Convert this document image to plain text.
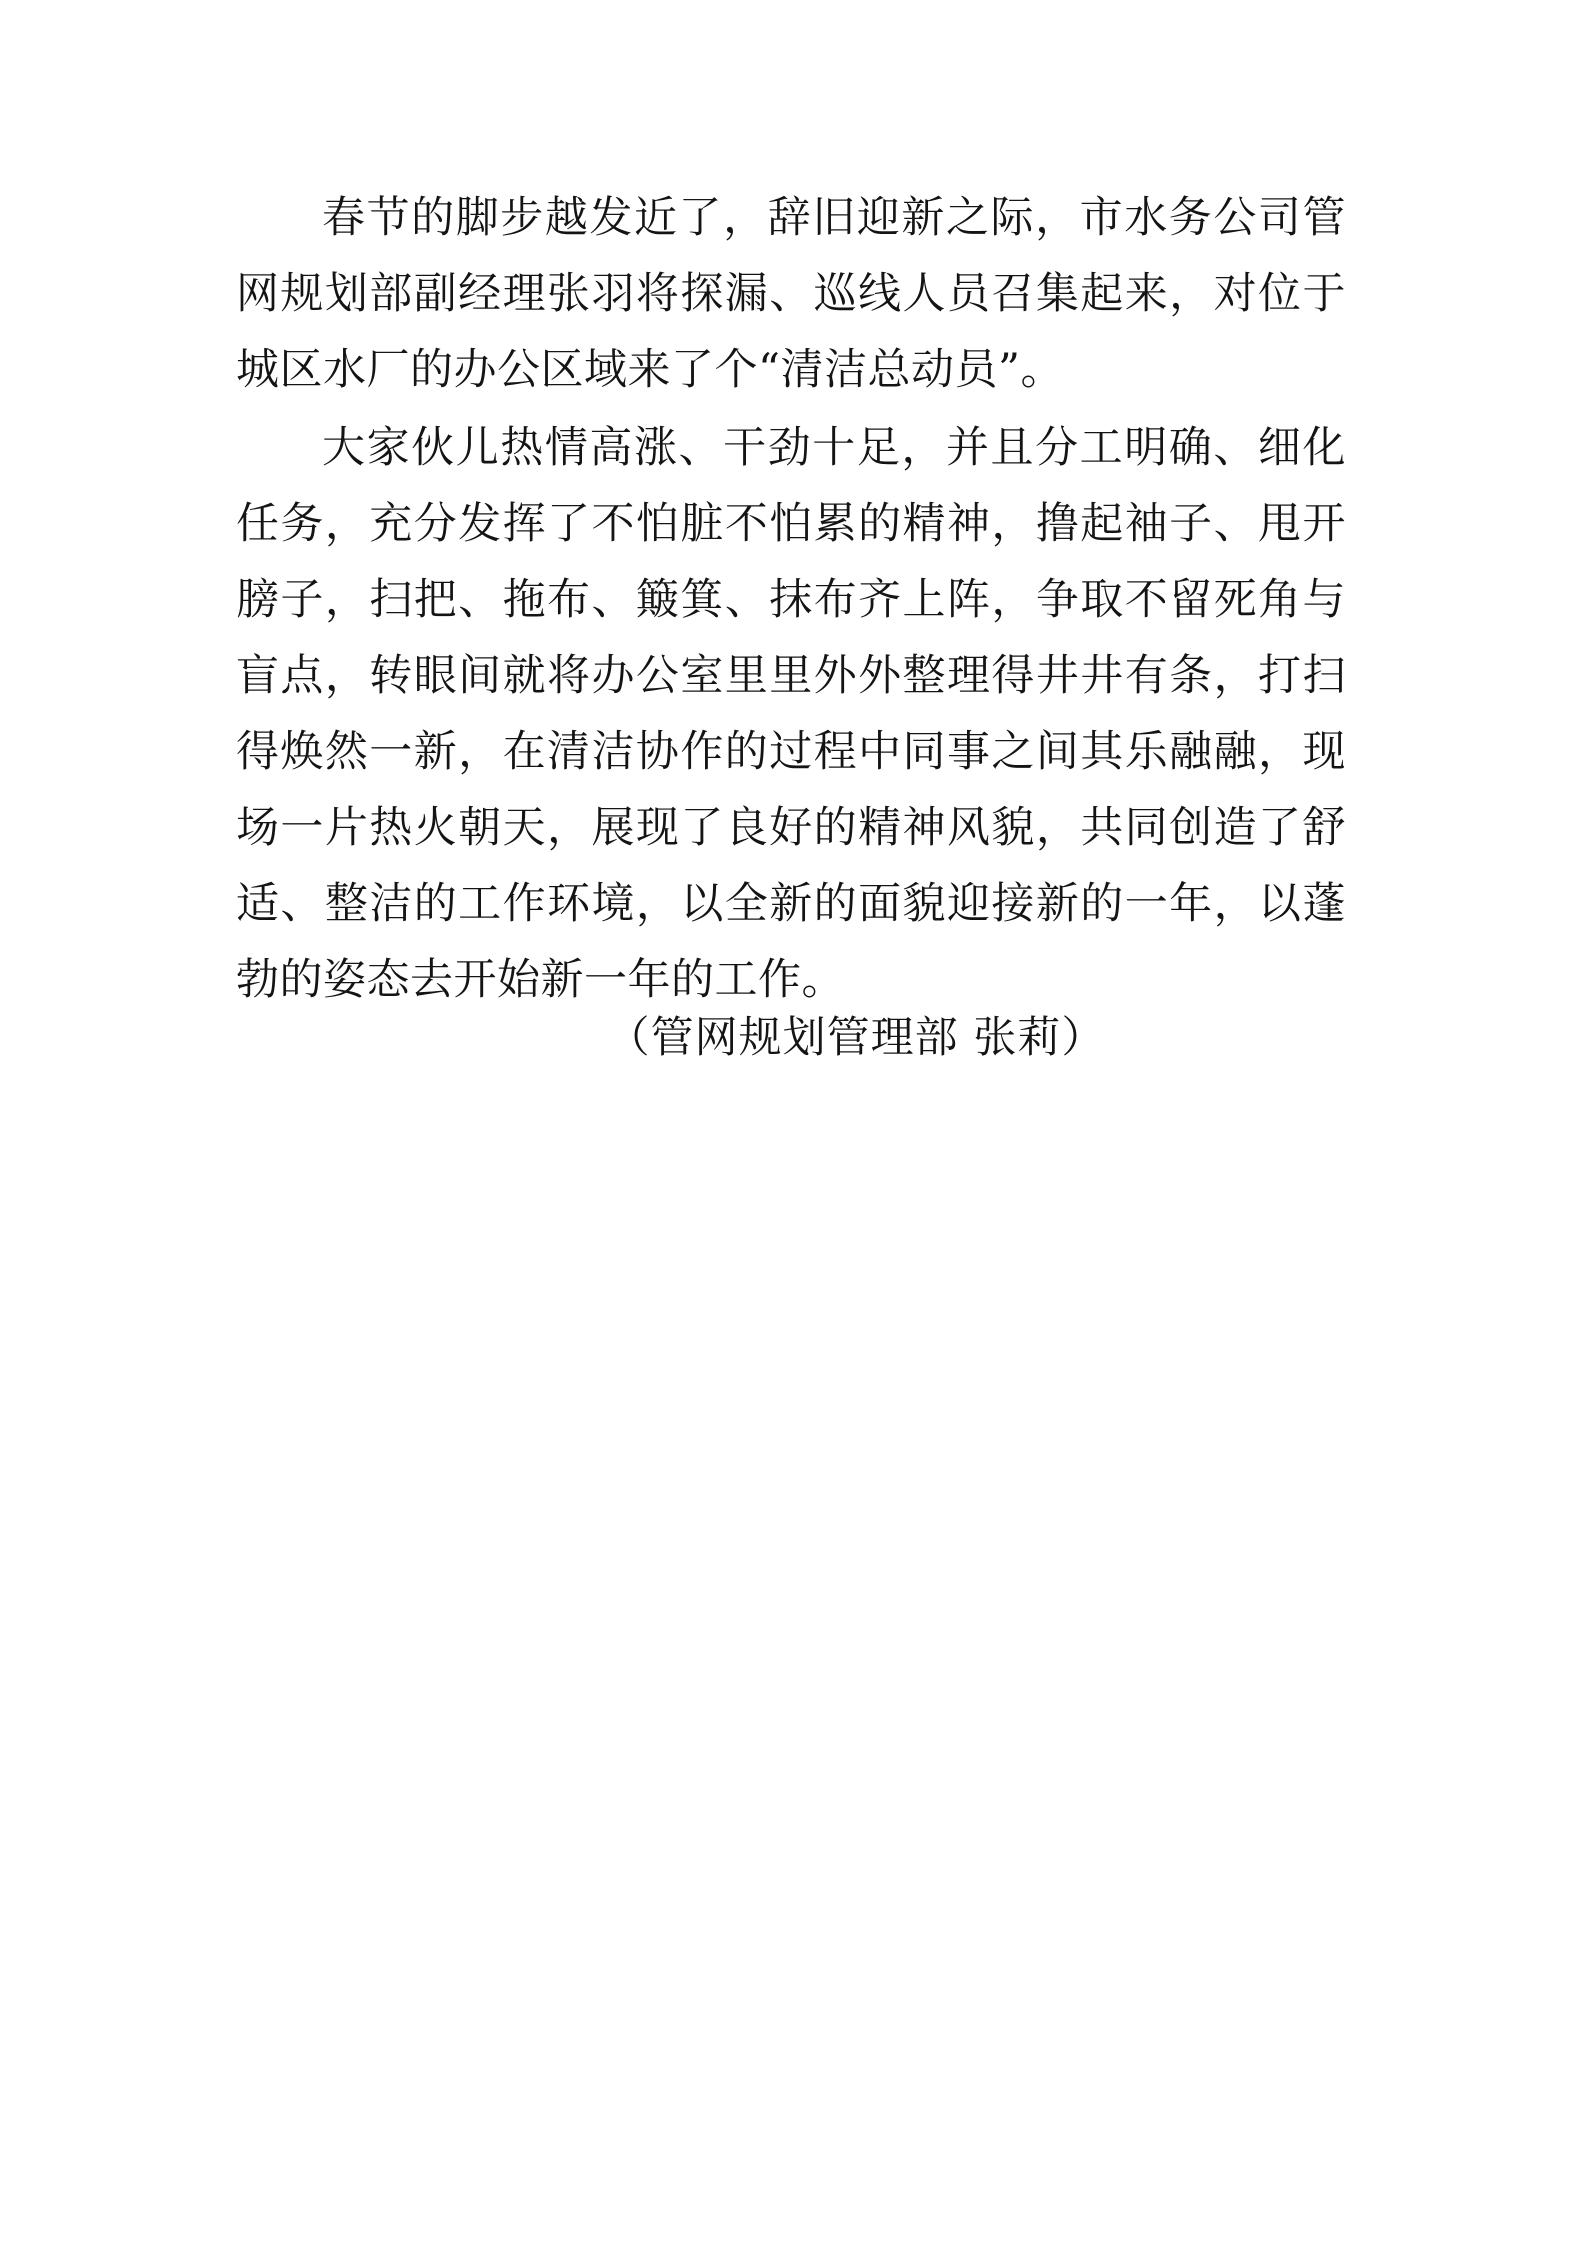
春节的脚步越发近了，辞旧迎新之际，市水务公司管网规划部副经理张羽将探漏、巡线人员召集起来，对位于城区水厂的办公区域来了个“清洁总动员”。

大家伙儿热情高涨、干劲十足，并且分工明确、细化任务，充分发挥了不怕脏不怕累的精神，撸起袖子、甩开膀子，扫把、拖布、簸箕、抹布齐上阵，争取不留死角与盲点，转眼间就将办公室里里外外整理得井井有条，打扫得焕然一新，在清洁协作的过程中同事之间其乐融融，现场一片热火朝天，展现了良好的精神风貌，共同创造了舒适、整洁的工作环境，以全新的面貌迎接新的一年，以蓬勃的姿态去开始新一年的工作。

（管网规划管理部 张莉）
